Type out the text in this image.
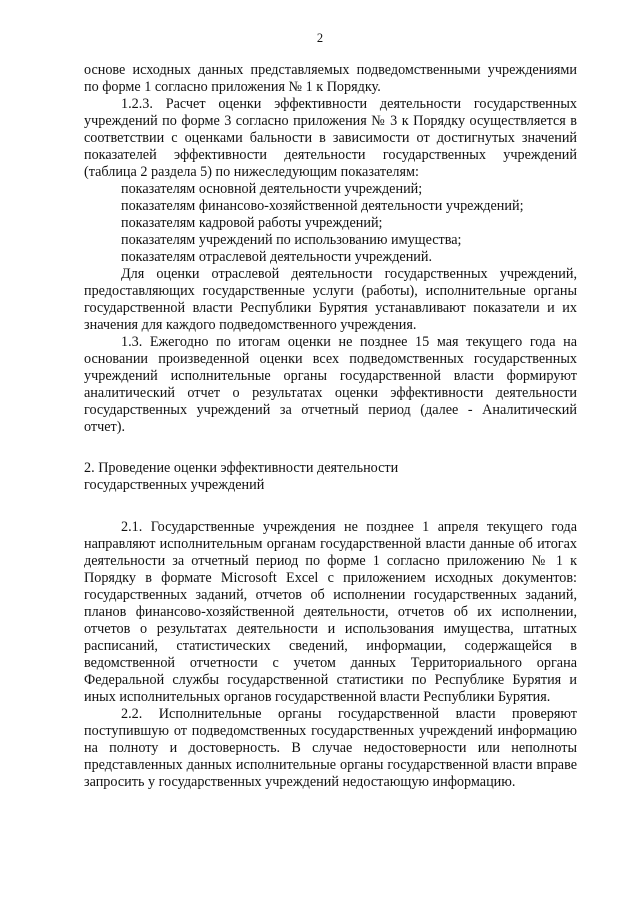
2

основе исходных данных представляемых подведомственными учреждениями по форме 1 согласно приложения № 1 к Порядку.

1.2.3. Расчет оценки эффективности деятельности государственных учреждений по форме 3 согласно приложения № 3 к Порядку осуществляется в соответствии с оценками бальности в зависимости от достигнутых значений показателей эффективности деятельности государственных учреждений (таблица 2 раздела 5) по нижеследующим показателям:

показателям основной деятельности учреждений;

показателям финансово-хозяйственной деятельности учреждений;

показателям кадровой работы учреждений;

показателям учреждений по использованию имущества;

показателям отраслевой деятельности учреждений.

Для оценки отраслевой деятельности государственных учреждений, предоставляющих государственные услуги (работы), исполнительные органы государственной власти Республики Бурятия устанавливают показатели и их значения для каждого подведомственного учреждения.

1.3. Ежегодно по итогам оценки не позднее 15 мая текущего года на основании произведенной оценки всех подведомственных государственных учреждений исполнительные органы государственной власти формируют аналитический отчет о результатах оценки эффективности деятельности государственных учреждений за отчетный период (далее - Аналитический отчет).

2. Проведение оценки эффективности деятельности
государственных учреждений

2.1. Государственные учреждения не позднее 1 апреля текущего года направляют исполнительным органам государственной власти данные об итогах деятельности за отчетный период по форме 1 согласно приложению № 1 к Порядку в формате Microsoft Excel с приложением исходных документов: государственных заданий, отчетов об исполнении государственных заданий, планов финансово-хозяйственной деятельности, отчетов об их исполнении, отчетов о результатах деятельности и использования имущества, штатных расписаний, статистических сведений, информации, содержащейся в ведомственной отчетности с учетом данных Территориального органа Федеральной службы государственной статистики по Республике Бурятия и иных исполнительных органов государственной власти Республики Бурятия.

2.2. Исполнительные органы государственной власти проверяют поступившую от подведомственных государственных учреждений информацию на полноту и достоверность. В случае недостоверности или неполноты представленных данных исполнительные органы государственной власти вправе запросить у государственных учреждений недостающую информацию.
